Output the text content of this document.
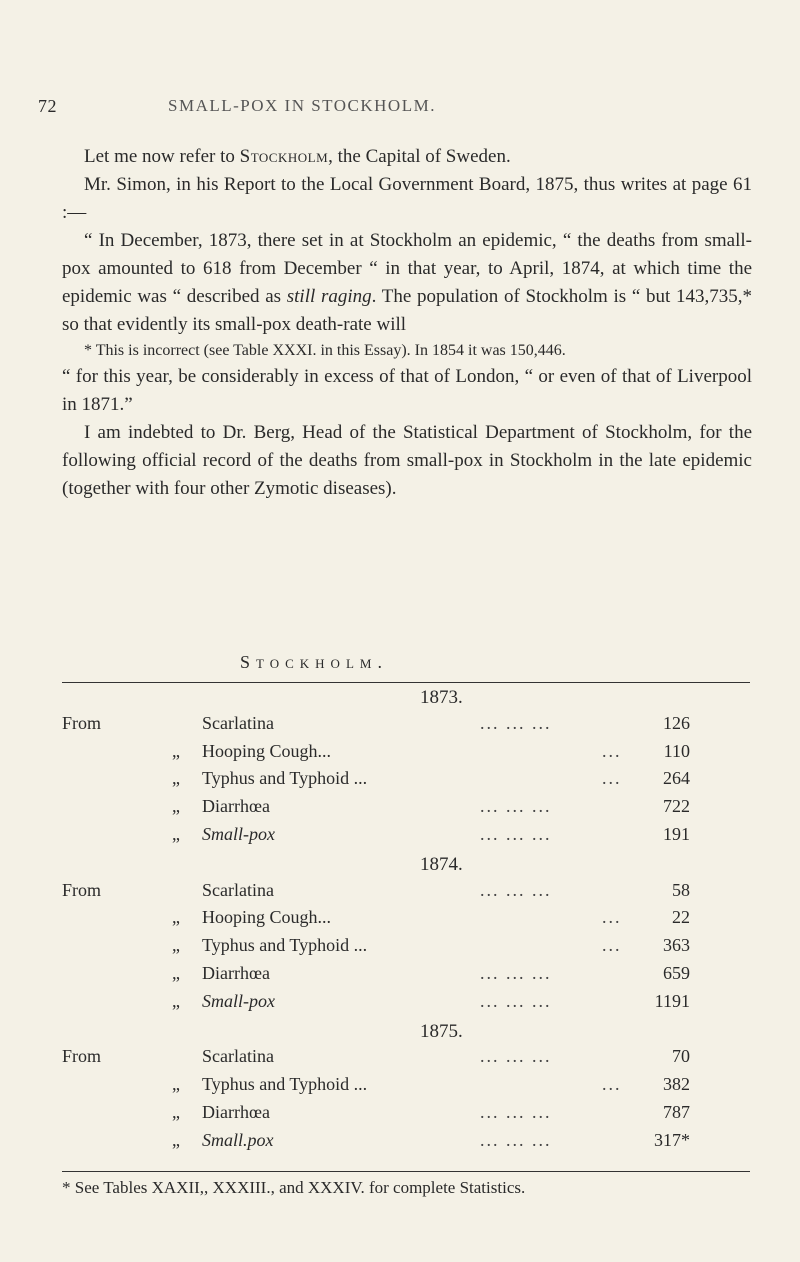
72	SMALL-POX IN STOCKHOLM.

Let me now refer to Stockholm, the Capital of Sweden.

Mr. Simon, in his Report to the Local Government Board, 1875, thus writes at page 61 :—

“ In December, 1873, there set in at Stockholm an epidemic, “ the deaths from small-pox amounted to 618 from December “ in that year, to April, 1874, at which time the epidemic was “ described as still raging. The population of Stockholm is “ but 143,735,* so that evidently its small-pox death-rate will

* This is incorrect (see Table XXXI. in this Essay). In 1854 it was 150,446.

“ for this year, be considerably in excess of that of London, “ or even of that of Liverpool in 1871.”

I am indebted to Dr. Berg, Head of the Statistical Department of Stockholm, for the following official record of the deaths from small-pox in Stockholm in the late epidemic (together with four other Zymotic diseases).

Stockholm.
1873.
From	Scarlatina	... ... ...	126
„ Hooping Cough...	... 110
„ Typhus and Typhoid ...	... 264
„ Diarrhœa	... ... ...	722
„ Small-pox	... ... ...	191
1874.
From	Scarlatina	... ... ...	58
„ Hooping Cough...	...	22
„ Typhus and Typhoid ...	... 363
„ Diarrhœa	... ... ...	659
„ Small-pox	... ... ...	1191
1875.
From	Scarlatina	... ... ...	70
„ Typhus and Typhoid ...	... 382
„ Diarrhœa	... ... ...	787
„ Small.pox	... ... ...	317*
* See Tables XAXII,, XXXIII., and XXXIV. for complete Statistics.
